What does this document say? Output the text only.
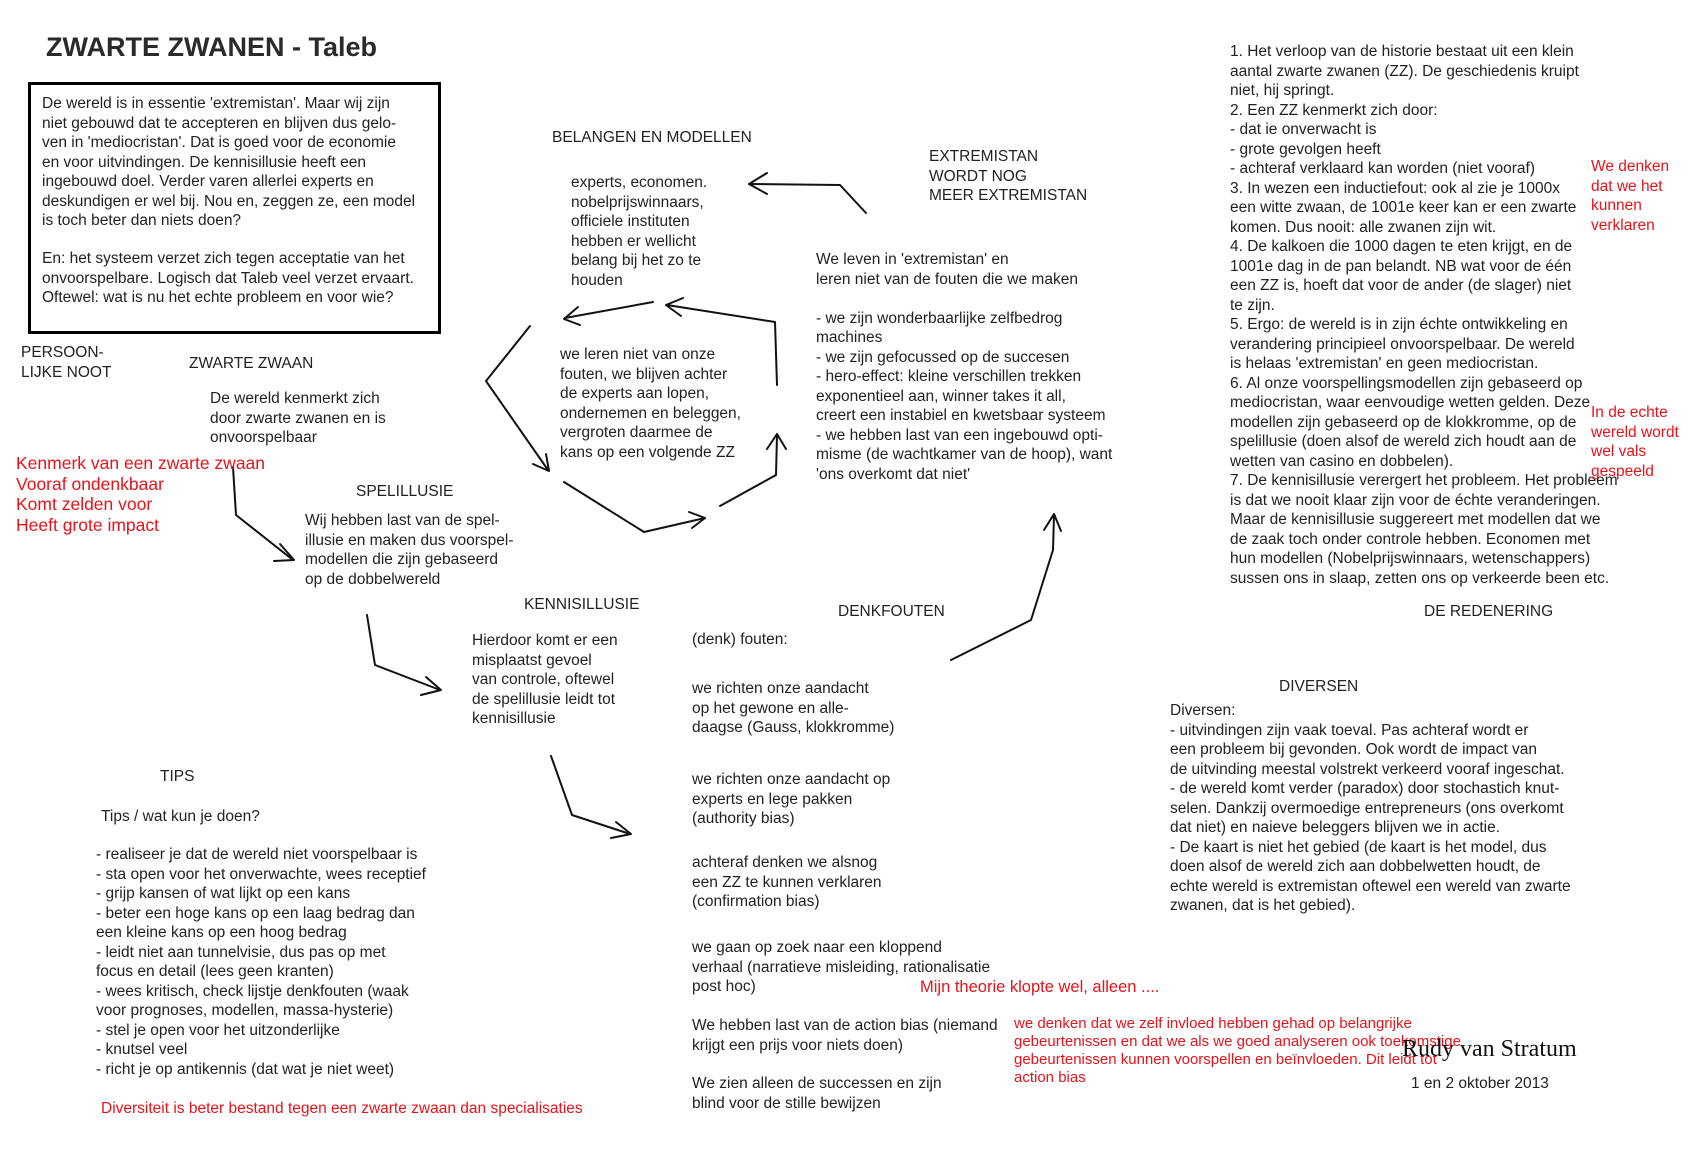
ZWARTE ZWANEN - Taleb
De wereld is in essentie 'extremistan'. Maar wij zijn
niet gebouwd dat te accepteren en blijven dus gelo-
ven in 'mediocristan'. Dat is goed voor de economie
en voor uitvindingen. De kennisillusie heeft een
ingebouwd doel. Verder varen allerlei experts en
deskundigen er wel bij. Nou en, zeggen ze, een model
is toch beter dan niets doen?
En: het systeem verzet zich tegen acceptatie van het
onvoorspelbare. Logisch dat Taleb veel verzet ervaart.
Oftewel: wat is nu het echte probleem en voor wie?
PERSOON-
LIJKE NOOT	ZWARTE ZWAAN
De wereld kenmerkt zich
door zwarte zwanen en is
onvoorspelbaar
Kenmerk van een zwarte zwaan
Vooraf ondenkbaar
Komt zelden voor
Heeft grote impact
SPELILLUSIE
Wij hebben last van de spel-
illusie en maken dus voorspel-
modellen die zijn gebaseerd
op de dobbelwereld
KENNISILLUSIE
Hierdoor komt er een
misplaatst gevoel
van controle, oftewel
de spelillusie leidt tot
kennisillusie
BELANGEN EN MODELLEN
experts, economen.
nobelprijswinnaars,
officiele instituten
hebben er wellicht
belang bij het zo te
houden
we leren niet van onze
fouten, we blijven achter
de experts aan lopen,
ondernemen en beleggen,
vergroten daarmee de
kans op een volgende ZZ
EXTREMISTAN
WORDT NOG
MEER EXTREMISTAN
We leven in 'extremistan' en
leren niet van de fouten die we maken

- we zijn wonderbaarlijke zelfbedrog
machines
- we zijn gefocussed op de succesen
- hero-effect: kleine verschillen trekken
exponentieel aan, winner takes it all,
creert een instabiel en kwetsbaar systeem
- we hebben last van een ingebouwd opti-
misme (de wachtkamer van de hoop), want
'ons overkomt dat niet'
1. Het verloop van de historie bestaat uit een klein
aantal zwarte zwanen (ZZ). De geschiedenis kruipt
niet, hij springt.
2. Een ZZ kenmerkt zich door:
- dat ie onverwacht is
- grote gevolgen heeft
- achteraf verklaard kan worden (niet vooraf)
3. In wezen een inductiefout: ook al zie je 1000x
een witte zwaan, de 1001e keer kan er een zwarte
komen. Dus nooit: alle zwanen zijn wit.
4. De kalkoen die 1000 dagen te eten krijgt, en de
1001e dag in de pan belandt. NB wat voor de één
een ZZ is, hoeft dat voor de ander (de slager) niet
te zijn.
5. Ergo: de wereld is in zijn échte ontwikkeling en
verandering principieel onvoorspelbaar. De wereld
is helaas 'extremistan' en geen mediocristan.
6. Al onze voorspellingsmodellen zijn gebaseerd op
mediocristan, waar eenvoudige wetten gelden. Deze
modellen zijn gebaseerd op de klokkromme, op de
spelillusie (doen alsof de wereld zich houdt aan de
wetten van casino en dobbelen).
7. De kennisillusie verergert het probleem. Het probleem
is dat we nooit klaar zijn voor de échte veranderingen.
Maar de kennisillusie suggereert met modellen dat we
de zaak toch onder controle hebben. Economen met
hun modellen (Nobelprijswinnaars, wetenschappers)
sussen ons in slaap, zetten ons op verkeerde been etc.
DE REDENERING
We denken
dat we het
kunnen
verklaren
In de echte
wereld wordt
wel vals
gespeeld
DENKFOUTEN
(denk) fouten:
we richten onze aandacht
op het gewone en alle-
daagse (Gauss, klokkromme)
we richten onze aandacht op
experts en lege pakken
(authority bias)
achteraf denken we alsnog
een ZZ te kunnen verklaren
(confirmation bias)
we gaan op zoek naar een kloppend
verhaal (narratieve misleiding, rationalisatie
post hoc)
We hebben last van de action bias (niemand
krijgt een prijs voor niets doen)
We zien alleen de successen en zijn
blind voor de stille bewijzen
Mijn theorie klopte wel, alleen ....
we denken dat we zelf invloed hebben gehad op belangrijke
gebeurtenissen en dat we als we goed analyseren ook toekomstige
gebeurtenissen kunnen voorspellen en beïnvloeden. Dit leidt tot
action bias
DIVERSEN
Diversen:
- uitvindingen zijn vaak toeval. Pas achteraf wordt er
een probleem bij gevonden. Ook wordt de impact van
de uitvinding meestal volstrekt verkeerd vooraf ingeschat.
- de wereld komt verder (paradox) door stochastich knut-
selen. Dankzij overmoedige entrepreneurs (ons overkomt
dat niet) en naieve beleggers blijven we in actie.
- De kaart is niet het gebied (de kaart is het model, dus
doen alsof de wereld zich aan dobbelwetten houdt, de
echte wereld is extremistan oftewel een wereld van zwarte
zwanen, dat is het gebied).
TIPS
Tips / wat kun je doen?
- realiseer je dat de wereld niet voorspelbaar is
- sta open voor het onverwachte, wees receptief
- grijp kansen of wat lijkt op een kans
- beter een hoge kans op een laag bedrag dan
een kleine kans op een hoog bedrag
- leidt niet aan tunnelvisie, dus pas op met
focus en detail (lees geen kranten)
- wees kritisch, check lijstje denkfouten (waak
voor prognoses, modellen, massa-hysterie)
- stel je open voor het uitzonderlijke
- knutsel veel
- richt je op antikennis (dat wat je niet weet)
Diversiteit is beter bestand tegen een zwarte zwaan dan specialisaties
Rudy van Stratum
1 en 2 oktober 2013
